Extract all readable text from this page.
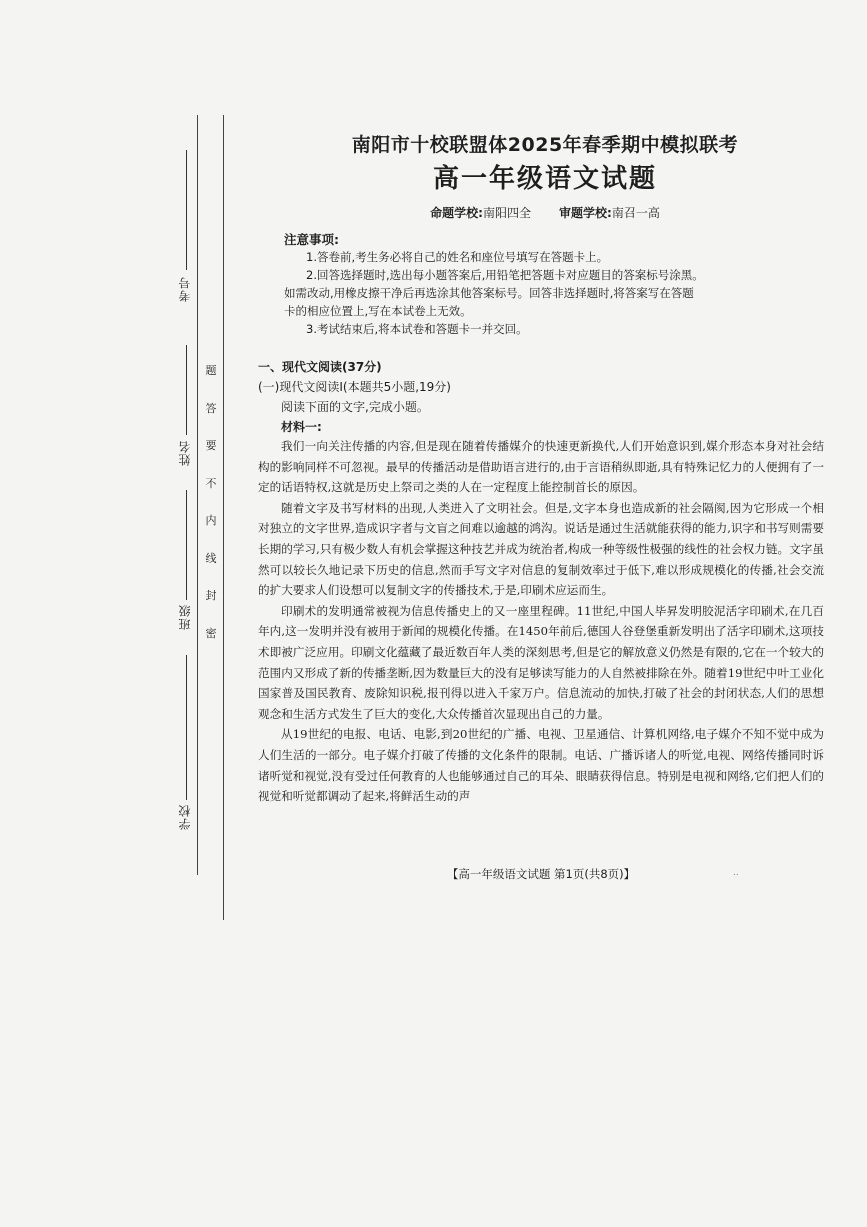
考号
姓名
班级
学校
题
答
要
不
内
线
封
密
南阳市十校联盟体2025年春季期中模拟联考
高一年级语文试题
命题学校:南阳四全 审题学校:南召一高
注意事项:

1.答卷前,考生务必将自己的姓名和座位号填写在答题卡上。

2.回答选择题时,选出每小题答案后,用铅笔把答题卡对应题目的答案标号涂黑。

如需改动,用橡皮擦干净后再选涂其他答案标号。回答非选择题时,将答案写在答题

卡的相应位置上,写在本试卷上无效。

3.考试结束后,将本试卷和答题卡一并交回。

一、现代文阅读(37分)
(一)现代文阅读Ⅰ(本题共5小题,19分)
阅读下面的文字,完成小题。
材料一:

我们一向关注传播的内容,但是现在随着传播媒介的快速更新换代,人们开始意识到,媒介形态本身对社会结构的影响同样不可忽视。最早的传播活动是借助语言进行的,由于言语稍纵即逝,具有特殊记忆力的人便拥有了一定的话语特权,这就是历史上祭司之类的人在一定程度上能控制首长的原因。

随着文字及书写材料的出现,人类进入了文明社会。但是,文字本身也造成新的社会隔阂,因为它形成一个相对独立的文字世界,造成识字者与文盲之间难以逾越的鸿沟。说话是通过生活就能获得的能力,识字和书写则需要长期的学习,只有极少数人有机会掌握这种技艺并成为统治者,构成一种等级性极强的线性的社会权力链。文字虽然可以较长久地记录下历史的信息,然而手写文字对信息的复制效率过于低下,难以形成规模化的传播,社会交流的扩大要求人们设想可以复制文字的传播技术,于是,印刷术应运而生。

印刷术的发明通常被视为信息传播史上的又一座里程碑。11世纪,中国人毕昇发明胶泥活字印刷术,在几百年内,这一发明并没有被用于新闻的规模化传播。在1450年前后,德国人谷登堡重新发明出了活字印刷术,这项技术即被广泛应用。印刷文化蕴藏了最近数百年人类的深刻思考,但是它的解放意义仍然是有限的,它在一个较大的范围内又形成了新的传播垄断,因为数量巨大的没有足够读写能力的人自然被排除在外。随着19世纪中叶工业化国家普及国民教育、废除知识税,报刊得以进入千家万户。信息流动的加快,打破了社会的封闭状态,人们的思想观念和生活方式发生了巨大的变化,大众传播首次显现出自己的力量。

从19世纪的电报、电话、电影,到20世纪的广播、电视、卫星通信、计算机网络,电子媒介不知不觉中成为人们生活的一部分。电子媒介打破了传播的文化条件的限制。电话、广播诉诸人的听觉,电视、网络传播同时诉诸听觉和视觉,没有受过任何教育的人也能够通过自己的耳朵、眼睛获得信息。特别是电视和网络,它们把人们的视觉和听觉都调动了起来,将鲜活生动的声

【高一年级语文试题 第1页(共8页)】	..
